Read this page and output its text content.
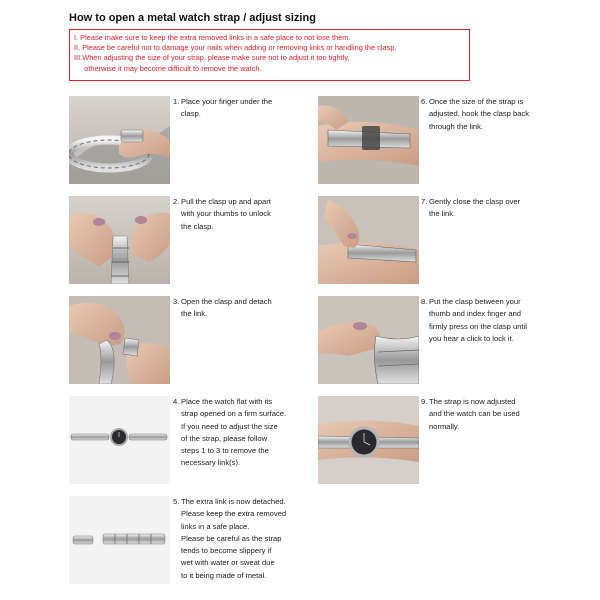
How to open a metal watch strap / adjust sizing
I. Please make sure to keep the extra removed links in a safe place to not lose them.
II. Please be careful not to damage your nails when adding or removing links or handling the clasp.
III.When adjusting the size of your strap, please make sure not to adjust it too tightly,
otherwise it may become difficult to remove the watch.
1. Place your finger under the
clasp.
2. Pull the clasp up and apart
with your thumbs to unlock
the clasp.
3. Open the clasp and detach
the link.
4. Place the watch flat with its
strap opened on a firm surface.
If you need to adjust the size
of the strap, please follow
steps 1 to 3 to remove the
necessary link(s).
5. The extra link is now detached.
Please keep the extra removed
links in a safe place.
Please be careful as the strap
tends to become slippery if
wet with water or sweat due
to it being made of metal.
6. Once the size of the strap is
adjusted, hook the clasp back
through the link.
7. Gently close the clasp over
the link.
8. Put the clasp between your
thumb and index finger and
firmly press on the clasp until
you hear a click to lock it.
9. The strap is now adjusted
and the watch can be used
normally.
